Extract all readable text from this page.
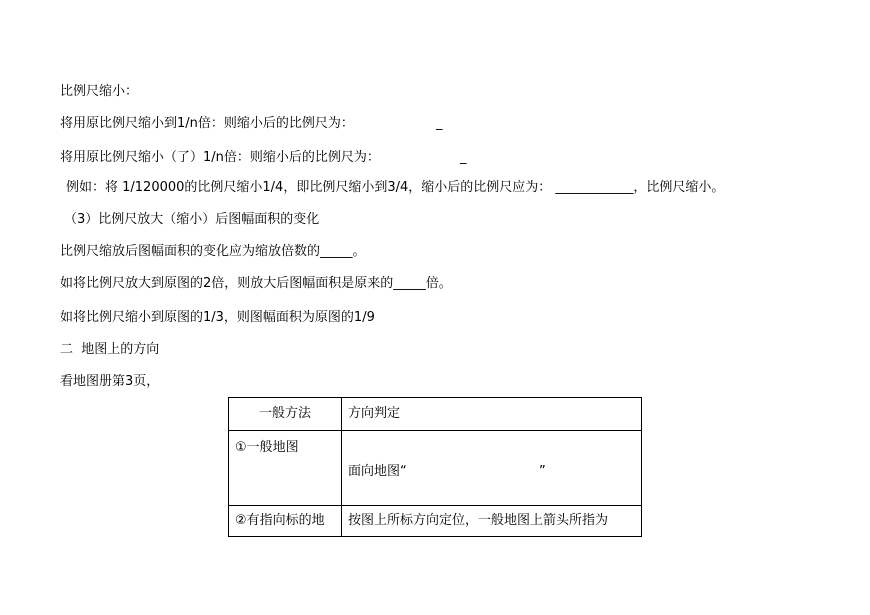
比例尺缩小：
将用原比例尺缩小到1/n倍：则缩小后的比例尺为：	_
将用原比例尺缩小（了）1/n倍：则缩小后的比例尺为：	_
例如：将 1/120000的比例尺缩小1/4，即比例尺缩小到3/4，缩小后的比例尺应为： ____________，比例尺缩小。
（3）比例尺放大（缩小）后图幅面积的变化
比例尺缩放后图幅面积的变化应为缩放倍数的_____。
如将比例尺放大到原图的2倍，则放大后图幅面积是原来的_____倍。
如将比例尺缩小到原图的1/3，则图幅面积为原图的1/9
二  地图上的方向
看地图册第3页，
一般方法	方向判定
①一般地图	面向地图“                                ”

②有指向标的地	按图上所标方向定位，一般地图上箭头所指为
